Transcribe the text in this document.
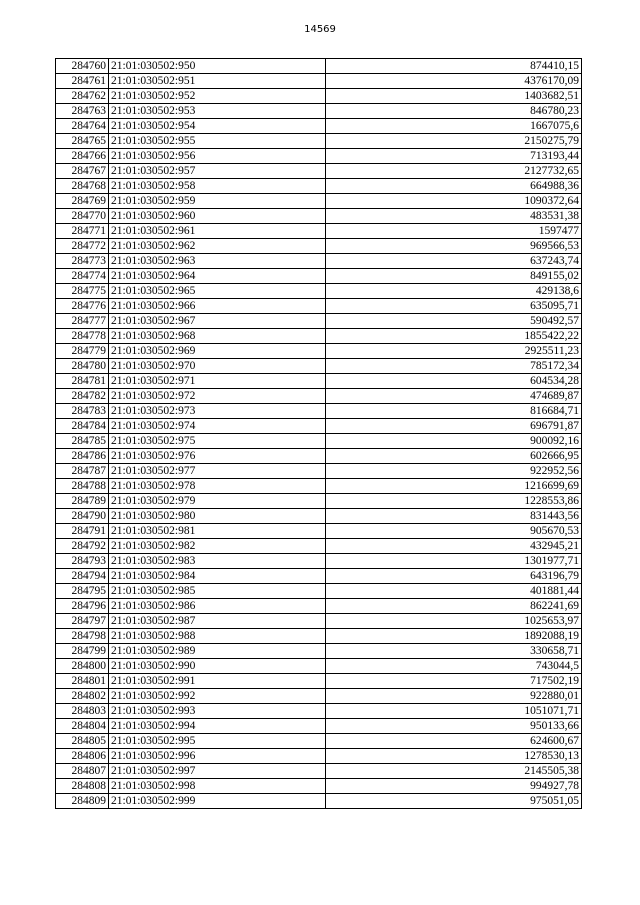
14569
284760	21:01:030502:950	874410,15
284761	21:01:030502:951	4376170,09
284762	21:01:030502:952	1403682,51
284763	21:01:030502:953	846780,23
284764	21:01:030502:954	1667075,6
284765	21:01:030502:955	2150275,79
284766	21:01:030502:956	713193,44
284767	21:01:030502:957	2127732,65
284768	21:01:030502:958	664988,36
284769	21:01:030502:959	1090372,64
284770	21:01:030502:960	483531,38
284771	21:01:030502:961	1597477
284772	21:01:030502:962	969566,53
284773	21:01:030502:963	637243,74
284774	21:01:030502:964	849155,02
284775	21:01:030502:965	429138,6
284776	21:01:030502:966	635095,71
284777	21:01:030502:967	590492,57
284778	21:01:030502:968	1855422,22
284779	21:01:030502:969	2925511,23
284780	21:01:030502:970	785172,34
284781	21:01:030502:971	604534,28
284782	21:01:030502:972	474689,87
284783	21:01:030502:973	816684,71
284784	21:01:030502:974	696791,87
284785	21:01:030502:975	900092,16
284786	21:01:030502:976	602666,95
284787	21:01:030502:977	922952,56
284788	21:01:030502:978	1216699,69
284789	21:01:030502:979	1228553,86
284790	21:01:030502:980	831443,56
284791	21:01:030502:981	905670,53
284792	21:01:030502:982	432945,21
284793	21:01:030502:983	1301977,71
284794	21:01:030502:984	643196,79
284795	21:01:030502:985	401881,44
284796	21:01:030502:986	862241,69
284797	21:01:030502:987	1025653,97
284798	21:01:030502:988	1892088,19
284799	21:01:030502:989	330658,71
284800	21:01:030502:990	743044,5
284801	21:01:030502:991	717502,19
284802	21:01:030502:992	922880,01
284803	21:01:030502:993	1051071,71
284804	21:01:030502:994	950133,66
284805	21:01:030502:995	624600,67
284806	21:01:030502:996	1278530,13
284807	21:01:030502:997	2145505,38
284808	21:01:030502:998	994927,78
284809	21:01:030502:999	975051,05
